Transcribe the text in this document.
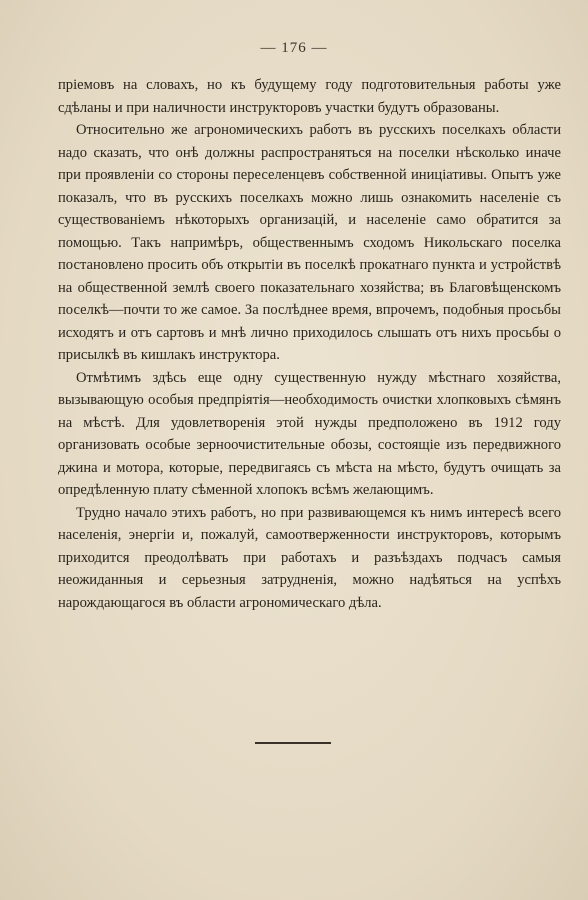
— 176 —

пріемовъ на словахъ, но къ будущему году подготовительныя работы уже сдѣланы и при наличности инструкторовъ участки будутъ образованы.

Относительно же агрономическихъ работъ въ русскихъ поселкахъ области надо сказать, что онѣ должны распространяться на поселки нѣсколько иначе при проявленіи со стороны переселенцевъ собственной иниціативы. Опытъ уже показалъ, что въ русскихъ поселкахъ можно лишь ознакомить населеніе съ существованіемъ нѣкоторыхъ организацій, и населеніе само обратится за помощью. Такъ напримѣръ, общественнымъ сходомъ Никольскаго поселка постановлено просить объ открытіи въ поселкѣ прокатнаго пункта и устройствѣ на общественной землѣ своего показательнаго хозяйства; въ Благовѣщенскомъ поселкѣ—почти то же самое. За послѣднее время, впрочемъ, подобныя просьбы исходятъ и отъ сартовъ и мнѣ лично приходилось слышать отъ нихъ просьбы о присылкѣ въ кишлакъ инструктора.

Отмѣтимъ здѣсь еще одну существенную нужду мѣстнаго хозяйства, вызывающую особыя предпріятія—необходимость очистки хлопковыхъ сѣмянъ на мѣстѣ. Для удовлетворенія этой нужды предположено въ 1912 году организовать особые зерноочистительные обозы, состоящіе изъ передвижного джина и мотора, которые, передвигаясь съ мѣста на мѣсто, будутъ очищать за опредѣленную плату сѣменной хлопокъ всѣмъ желающимъ.

Трудно начало этихъ работъ, но при развивающемся къ нимъ интересѣ всего населенія, энергіи и, пожалуй, самоотверженности инструкторовъ, которымъ приходится преодолѣвать при работахъ и разъѣздахъ подчасъ самыя неожиданныя и серьезныя затрудненія, можно надѣяться на успѣхъ нарождающагося въ области агрономическаго дѣла.
